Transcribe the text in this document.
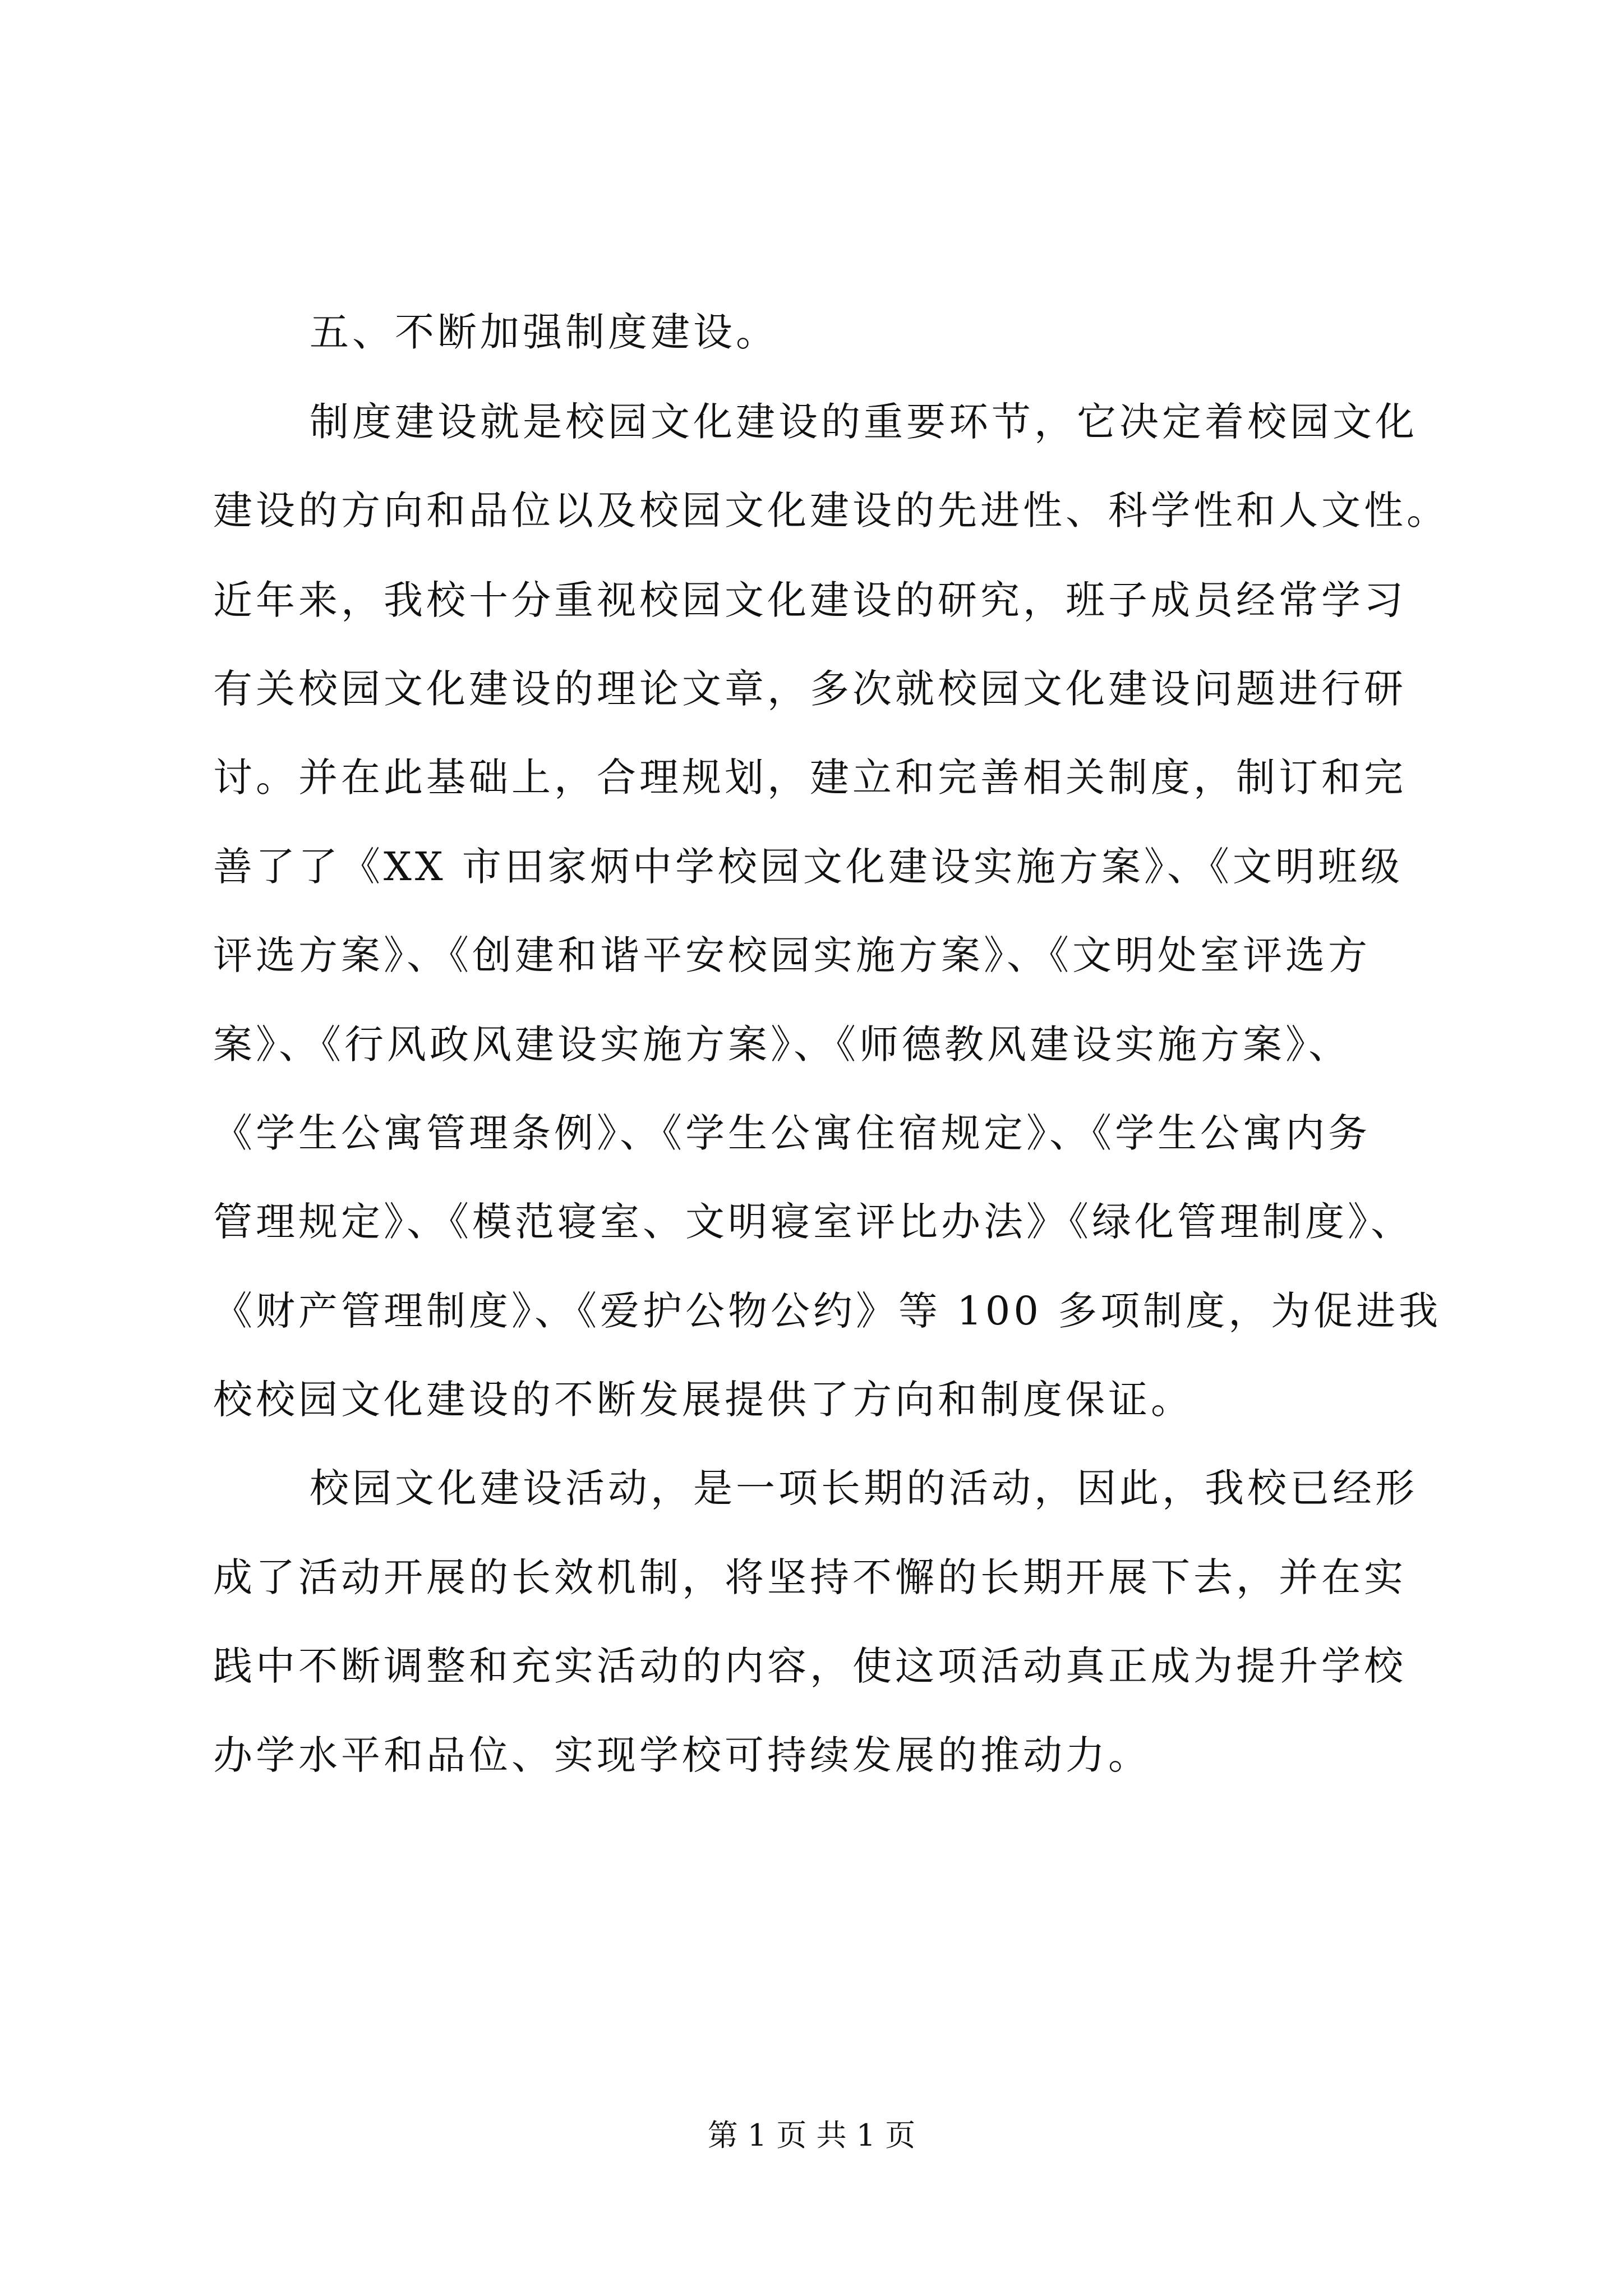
五、不断加强制度建设。
制度建设就是校园文化建设的重要环节，它决定着校园文化
建设的方向和品位以及校园文化建设的先进性、科学性和人文性。
近年来，我校十分重视校园文化建设的研究，班子成员经常学习
有关校园文化建设的理论文章，多次就校园文化建设问题进行研
讨。并在此基础上，合理规划，建立和完善相关制度，制订和完
善了了《XX 市田家炳中学校园文化建设实施方案》、《文明班级
评选方案》、《创建和谐平安校园实施方案》、《文明处室评选方
案》、《行风政风建设实施方案》、《师德教风建设实施方案》、
《学生公寓管理条例》、《学生公寓住宿规定》、《学生公寓内务
管理规定》、《模范寝室、文明寝室评比办法》《绿化管理制度》、
《财产管理制度》、《爱护公物公约》等 100 多项制度，为促进我
校校园文化建设的不断发展提供了方向和制度保证。
校园文化建设活动，是一项长期的活动，因此，我校已经形
成了活动开展的长效机制，将坚持不懈的长期开展下去，并在实
践中不断调整和充实活动的内容，使这项活动真正成为提升学校
办学水平和品位、实现学校可持续发展的推动力。
第 1 页 共 1 页
